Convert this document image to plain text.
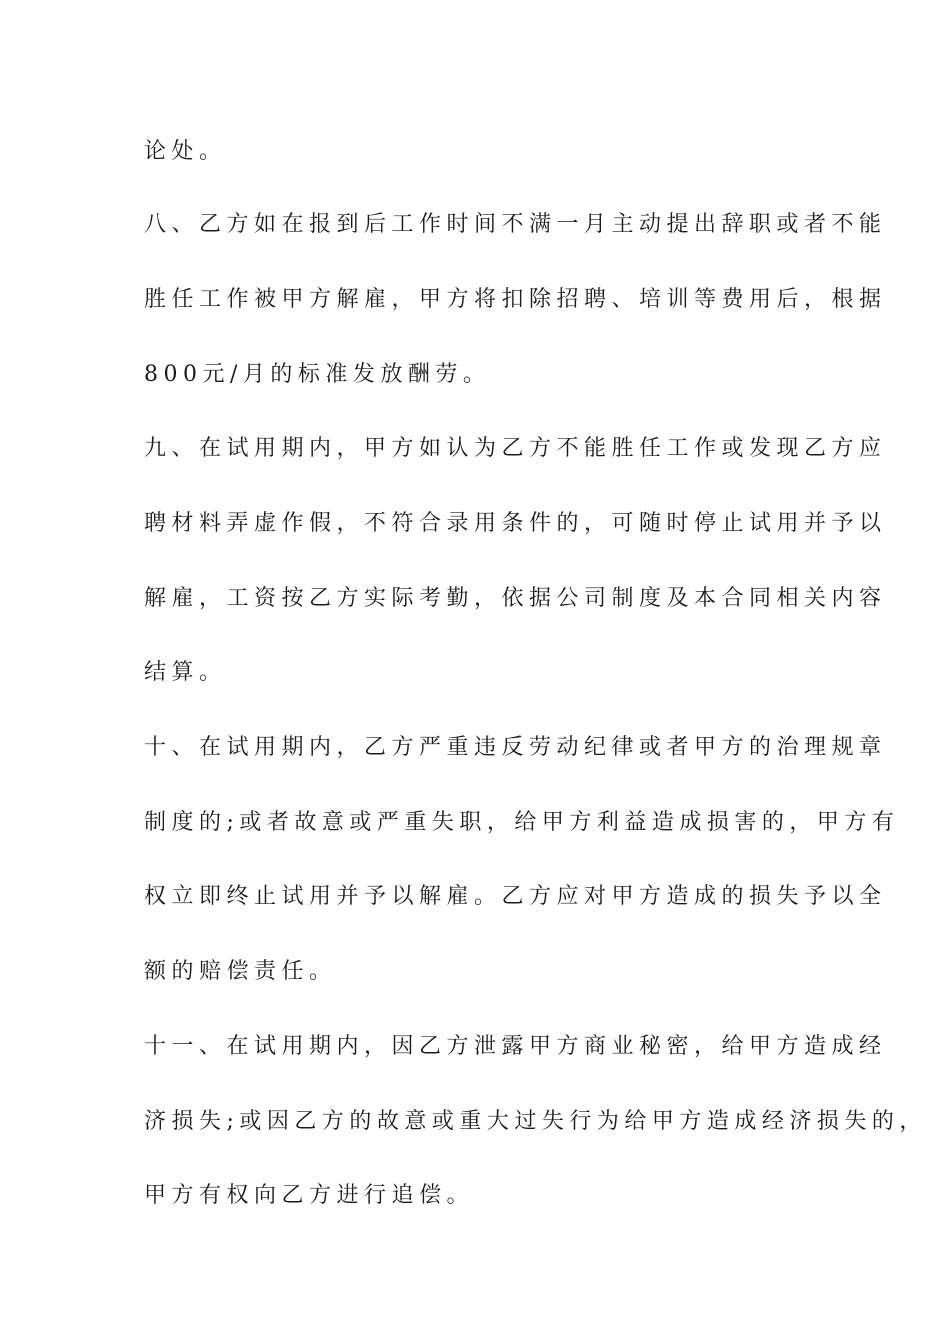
论处。
八、乙方如在报到后工作时间不满一月主动提出辞职或者不能
胜任工作被甲方解雇，甲方将扣除招聘、培训等费用后，根据
800元/月的标准发放酬劳。
九、在试用期内，甲方如认为乙方不能胜任工作或发现乙方应
聘材料弄虚作假，不符合录用条件的，可随时停止试用并予以
解雇，工资按乙方实际考勤，依据公司制度及本合同相关内容
结算。
十、在试用期内，乙方严重违反劳动纪律或者甲方的治理规章
制度的;或者故意或严重失职，给甲方利益造成损害的，甲方有
权立即终止试用并予以解雇。乙方应对甲方造成的损失予以全
额的赔偿责任。
十一、在试用期内，因乙方泄露甲方商业秘密，给甲方造成经
济损失;或因乙方的故意或重大过失行为给甲方造成经济损失的，
甲方有权向乙方进行追偿。
